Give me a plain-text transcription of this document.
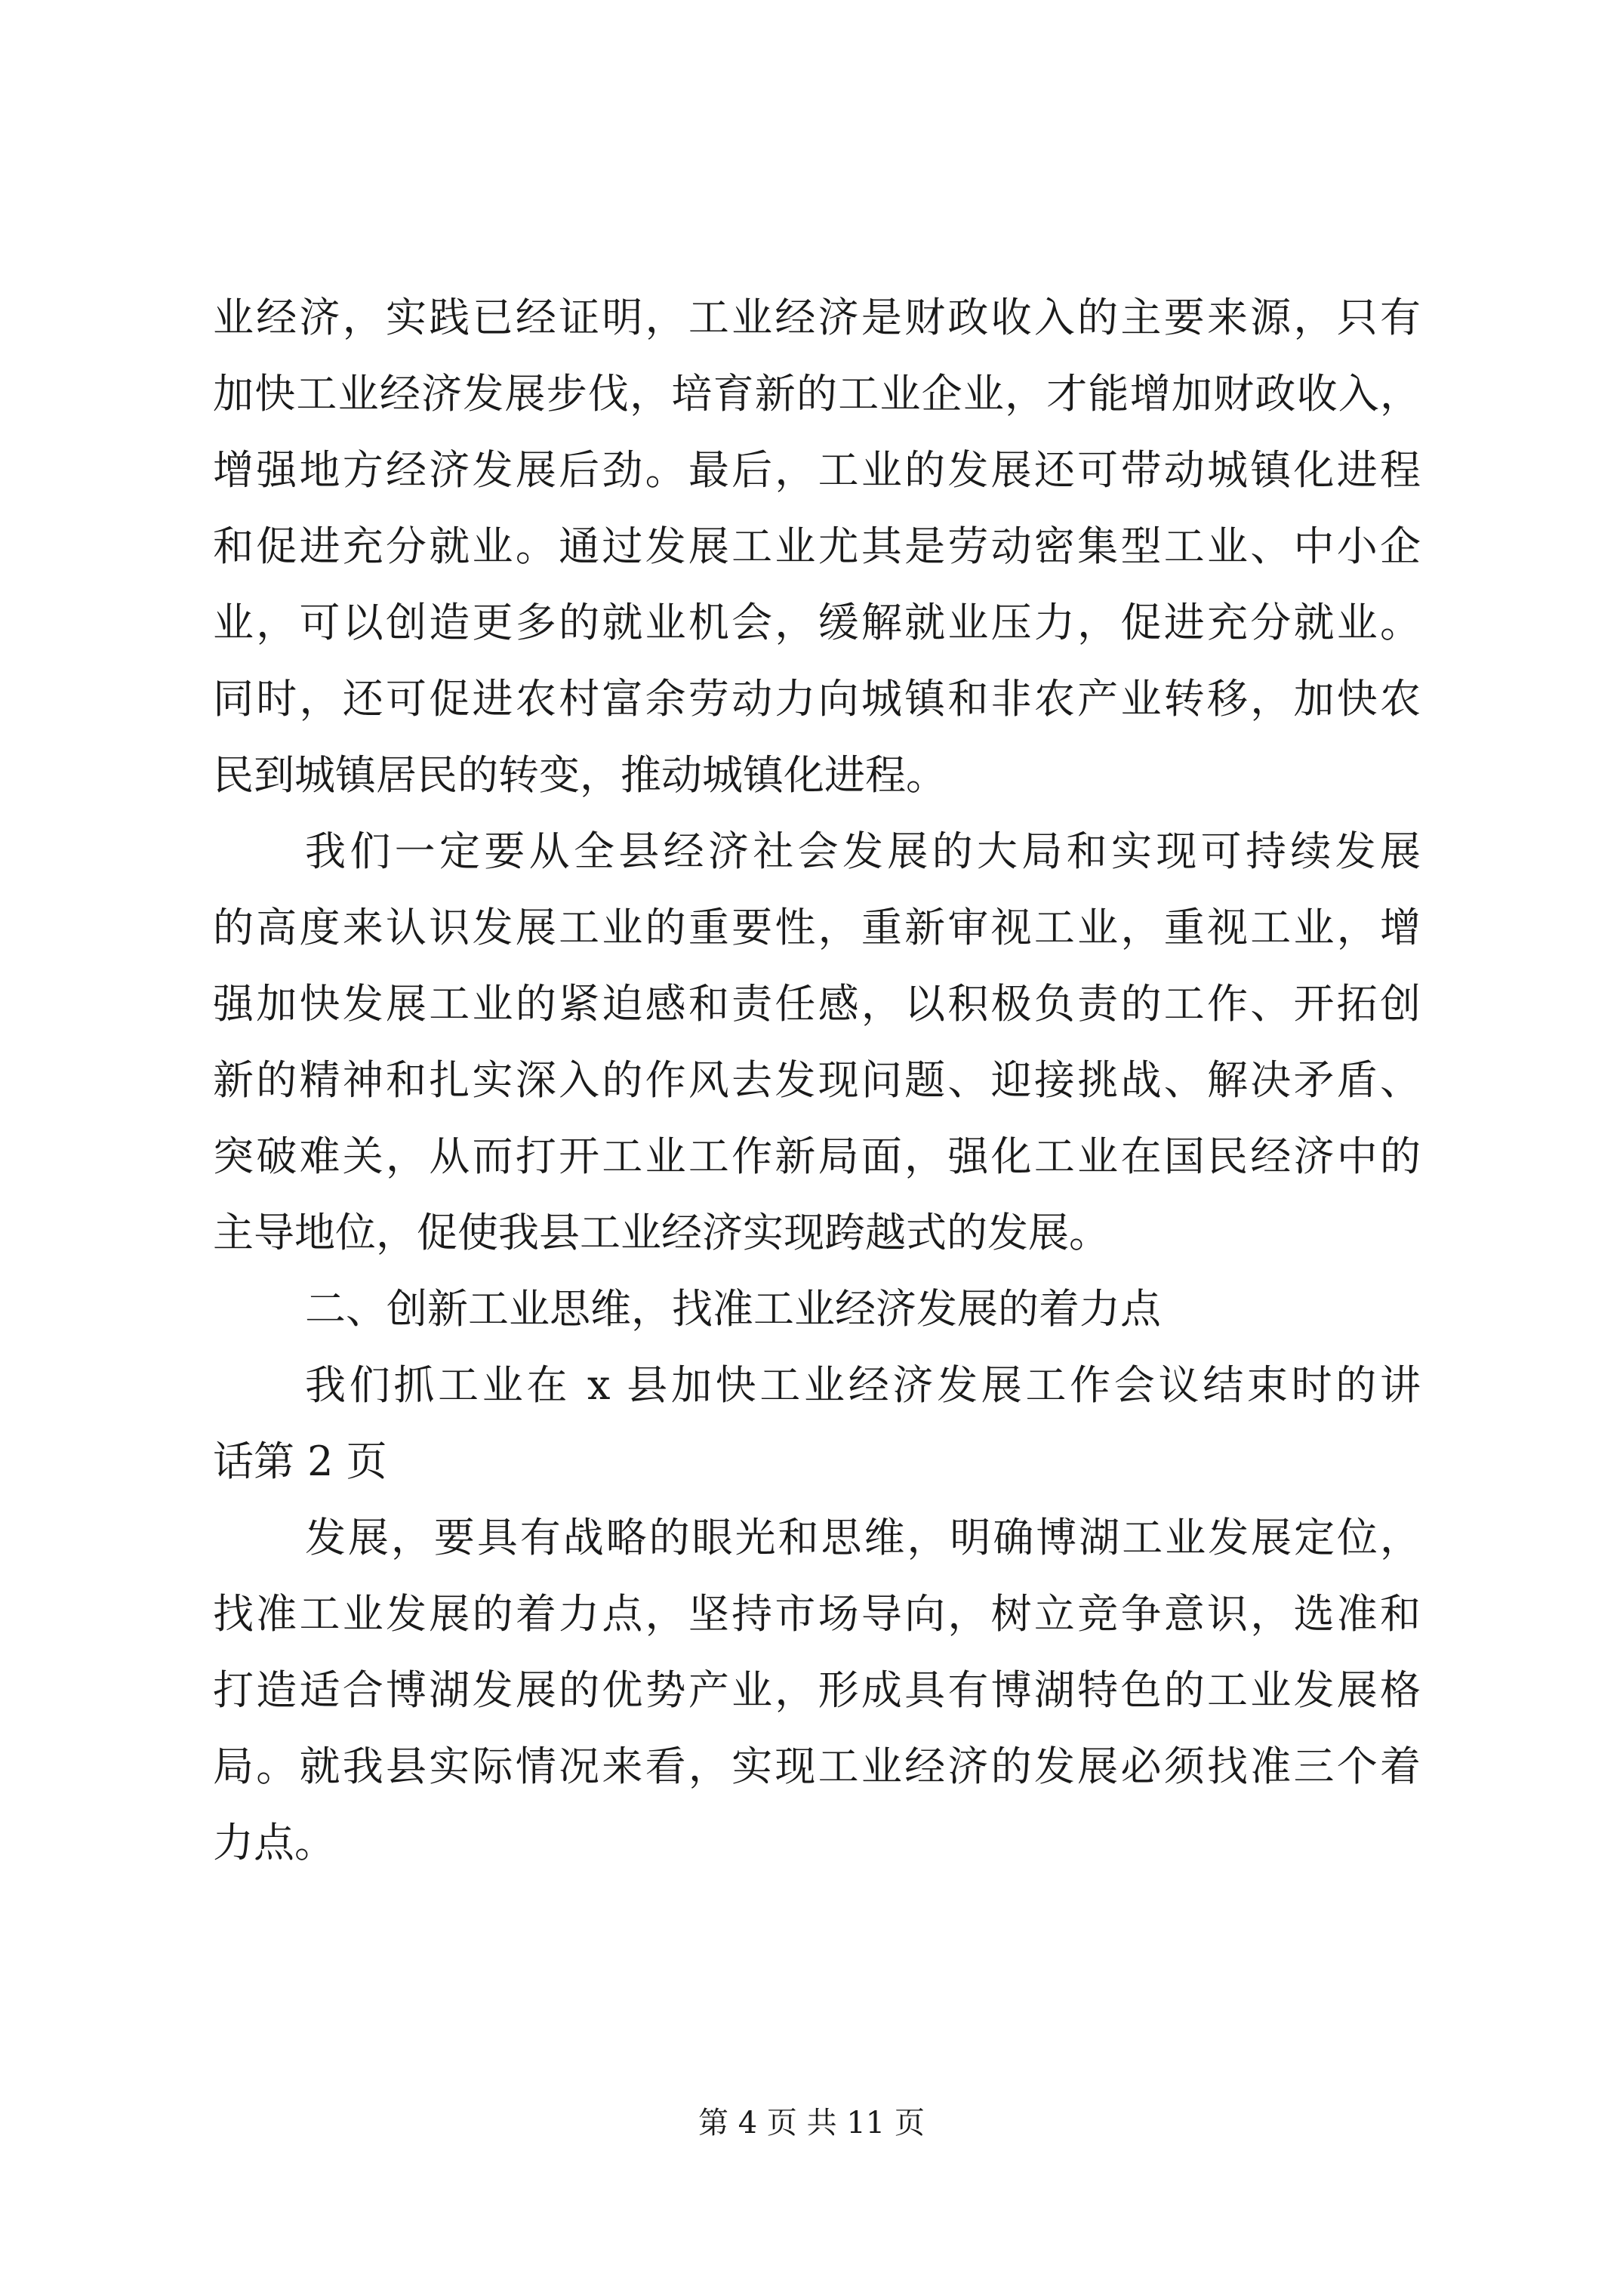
业经济，实践已经证明，工业经济是财政收入的主要来源，只有
加快工业经济发展步伐，培育新的工业企业，才能增加财政收入，
增强地方经济发展后劲。最后，工业的发展还可带动城镇化进程
和促进充分就业。通过发展工业尤其是劳动密集型工业、中小企
业，可以创造更多的就业机会，缓解就业压力，促进充分就业。
同时，还可促进农村富余劳动力向城镇和非农产业转移，加快农
民到城镇居民的转变，推动城镇化进程。
我们一定要从全县经济社会发展的大局和实现可持续发展
的高度来认识发展工业的重要性，重新审视工业，重视工业，增
强加快发展工业的紧迫感和责任感，以积极负责的工作、开拓创
新的精神和扎实深入的作风去发现问题、迎接挑战、解决矛盾、
突破难关，从而打开工业工作新局面，强化工业在国民经济中的
主导地位，促使我县工业经济实现跨越式的发展。
二、创新工业思维，找准工业经济发展的着力点
我们抓工业在 x 县加快工业经济发展工作会议结束时的讲
话第 2 页
发展，要具有战略的眼光和思维，明确博湖工业发展定位，
找准工业发展的着力点，坚持市场导向，树立竞争意识，选准和
打造适合博湖发展的优势产业，形成具有博湖特色的工业发展格
局。就我县实际情况来看，实现工业经济的发展必须找准三个着
力点。
第 4 页 共 11 页
